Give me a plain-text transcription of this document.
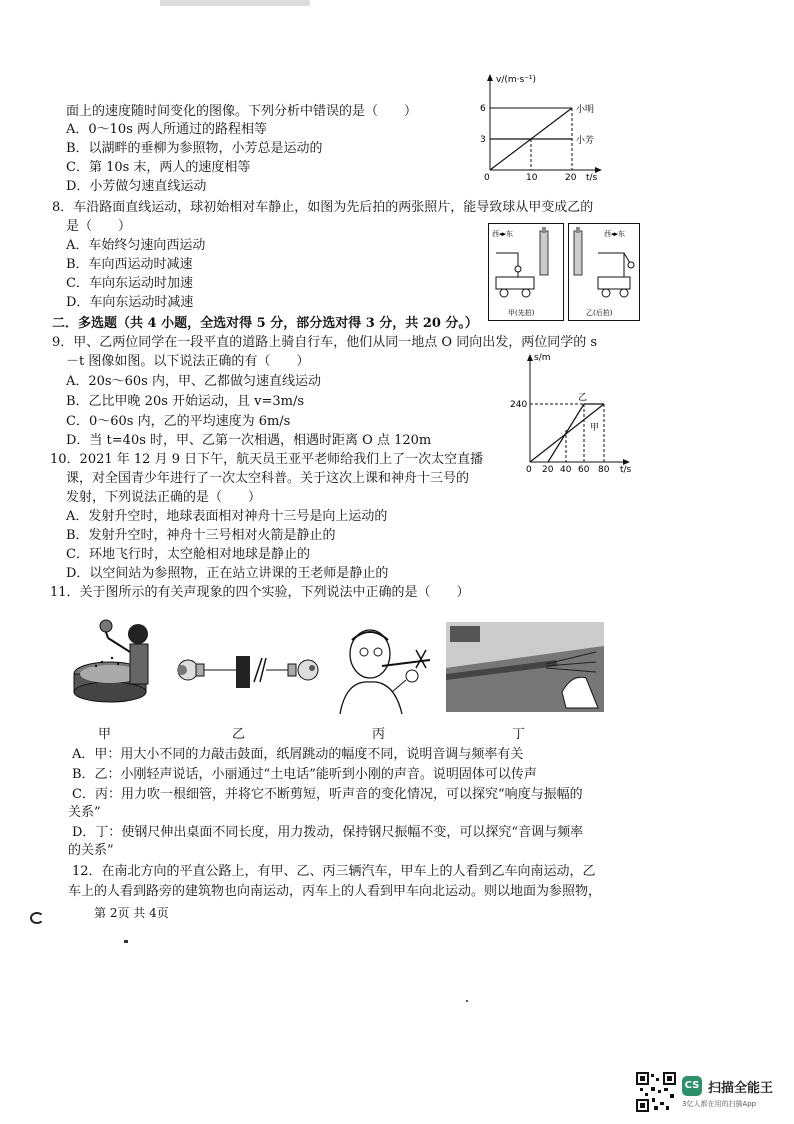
面上的速度随时间变化的图像。下列分析中错误的是（　　）
A．0～10s 两人所通过的路程相等
B．以湖畔的垂柳为参照物，小芳总是运动的
C．第 10s 末，两人的速度相等
D．小芳做匀速直线运动
v/(m·s⁻¹)
6
3
0	10	20 t/s
小明
小芳
8．车沿路面直线运动，球初始相对车静止，如图为先后拍的两张照片，能导致球从甲变成乙的
是（　　）
A．车始终匀速向西运动
B．车向西运动时减速
C．车向东运动时加速
D．车向东运动时减速
西◂▸东
甲(先拍)
西◂▸东
乙(后拍)
二．多选题（共 4 小题，全选对得 5 分，部分选对得 3 分，共 20 分。）
9．甲、乙两位同学在一段平直的道路上骑自行车，他们从同一地点 O 同向出发，两位同学的 s
－t 图像如图。以下说法正确的有（　　）
A．20s～60s 内，甲、乙都做匀速直线运动
B．乙比甲晚 20s 开始运动，且 v=3m/s
C．0～60s 内，乙的平均速度为 6m/s
D．当 t=40s 时，甲、乙第一次相遇，相遇时距离 O 点 120m
s/m
240
乙
甲
0 20 40 60 80 t/s
10．2021 年 12 月 9 日下午，航天员王亚平老师给我们上了一次太空直播
课，对全国青少年进行了一次太空科普。关于这次上课和神舟十三号的
发射，下列说法正确的是（　　）
A．发射升空时，地球表面相对神舟十三号是向上运动的
B．发射升空时，神舟十三号相对火箭是静止的
C．环地飞行时，太空舱相对地球是静止的
D．以空间站为参照物，正在站立讲课的王老师是静止的
11．关于图所示的有关声现象的四个实验，下列说法中正确的是（　　）
甲	乙	丙	丁
A．甲：用大小不同的力敲击鼓面，纸屑跳动的幅度不同，说明音调与频率有关
B．乙：小刚轻声说话，小丽通过“土电话”能听到小刚的声音。说明固体可以传声
C．丙：用力吹一根细管，并将它不断剪短，听声音的变化情况，可以探究“响度与振幅的
关系”
D．丁：使钢尺伸出桌面不同长度，用力拨动，保持钢尺振幅不变，可以探究“音调与频率
的关系”
12．在南北方向的平直公路上，有甲、乙、丙三辆汽车，甲车上的人看到乙车向南运动，乙
车上的人看到路旁的建筑物也向南运动，丙车上的人看到甲车向北运动。则以地面为参照物，
第 2页 共 4页
CS 扫描全能王
3亿人都在用的扫描App
